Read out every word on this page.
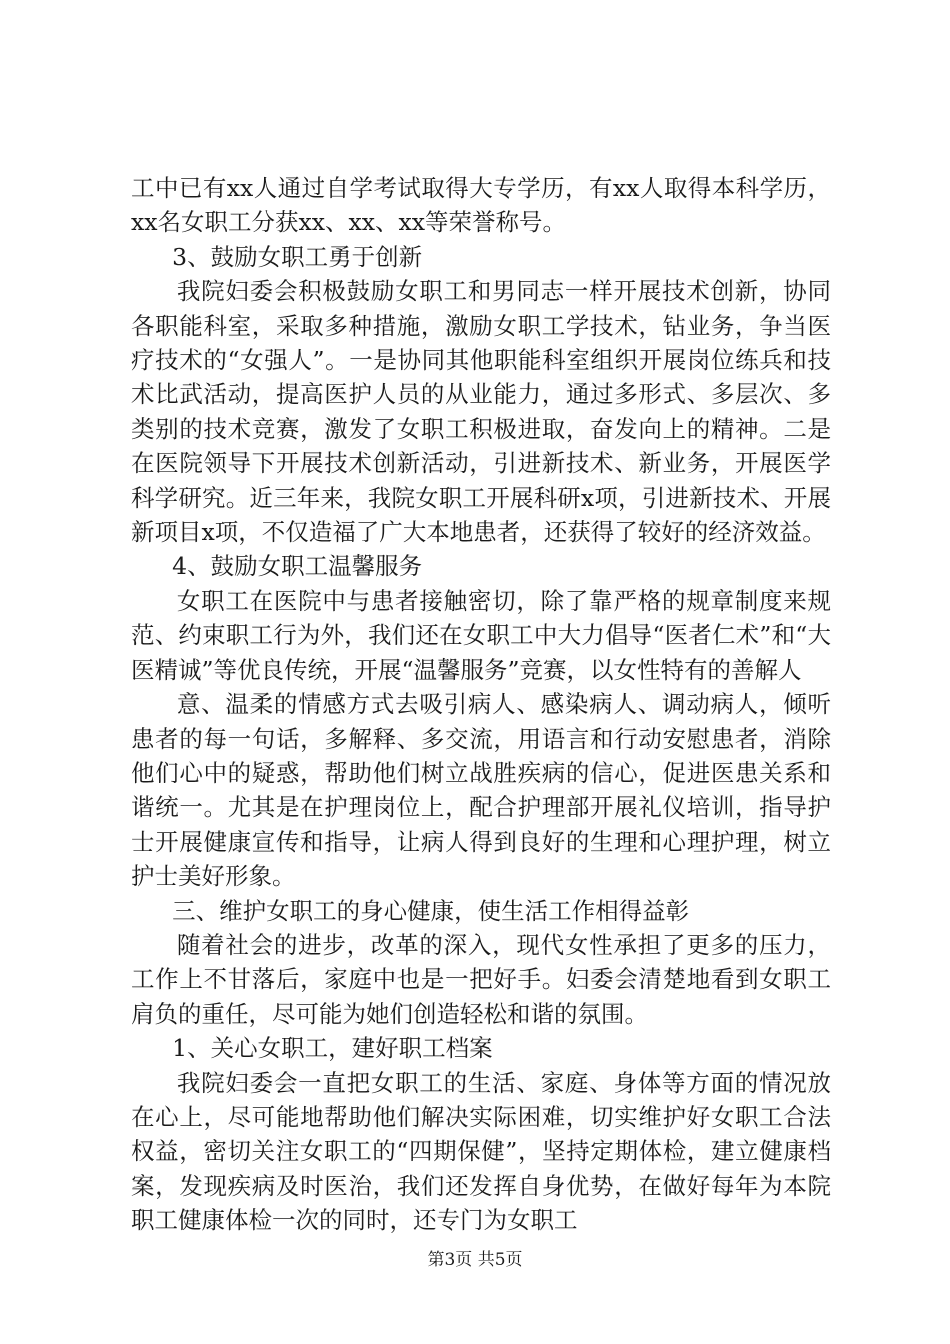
工中已有xx人通过自学考试取得大专学历，有xx人取得本科学历，xx名女职工分获xx、xx、xx等荣誉称号。

3、鼓励女职工勇于创新

我院妇委会积极鼓励女职工和男同志一样开展技术创新，协同各职能科室，采取多种措施，激励女职工学技术，钻业务，争当医疗技术的“女强人”。一是协同其他职能科室组织开展岗位练兵和技术比武活动，提高医护人员的从业能力，通过多形式、多层次、多类别的技术竞赛，激发了女职工积极进取，奋发向上的精神。二是在医院领导下开展技术创新活动，引进新技术、新业务，开展医学科学研究。近三年来，我院女职工开展科研x项，引进新技术、开展新项目x项，不仅造福了广大本地患者，还获得了较好的经济效益。

4、鼓励女职工温馨服务

女职工在医院中与患者接触密切，除了靠严格的规章制度来规范、约束职工行为外，我们还在女职工中大力倡导“医者仁术”和“大医精诚”等优良传统，开展“温馨服务”竞赛，以女性特有的善解人

意、温柔的情感方式去吸引病人、感染病人、调动病人，倾听患者的每一句话，多解释、多交流，用语言和行动安慰患者，消除他们心中的疑惑，帮助他们树立战胜疾病的信心，促进医患关系和谐统一。尤其是在护理岗位上，配合护理部开展礼仪培训，指导护士开展健康宣传和指导，让病人得到良好的生理和心理护理，树立护士美好形象。

三、维护女职工的身心健康，使生活工作相得益彰

随着社会的进步，改革的深入，现代女性承担了更多的压力，工作上不甘落后，家庭中也是一把好手。妇委会清楚地看到女职工肩负的重任，尽可能为她们创造轻松和谐的氛围。

1、关心女职工，建好职工档案

我院妇委会一直把女职工的生活、家庭、身体等方面的情况放在心上，尽可能地帮助他们解决实际困难，切实维护好女职工合法权益，密切关注女职工的“四期保健”，坚持定期体检，建立健康档案，发现疾病及时医治，我们还发挥自身优势，在做好每年为本院职工健康体检一次的同时，还专门为女职工

第3页 共5页
